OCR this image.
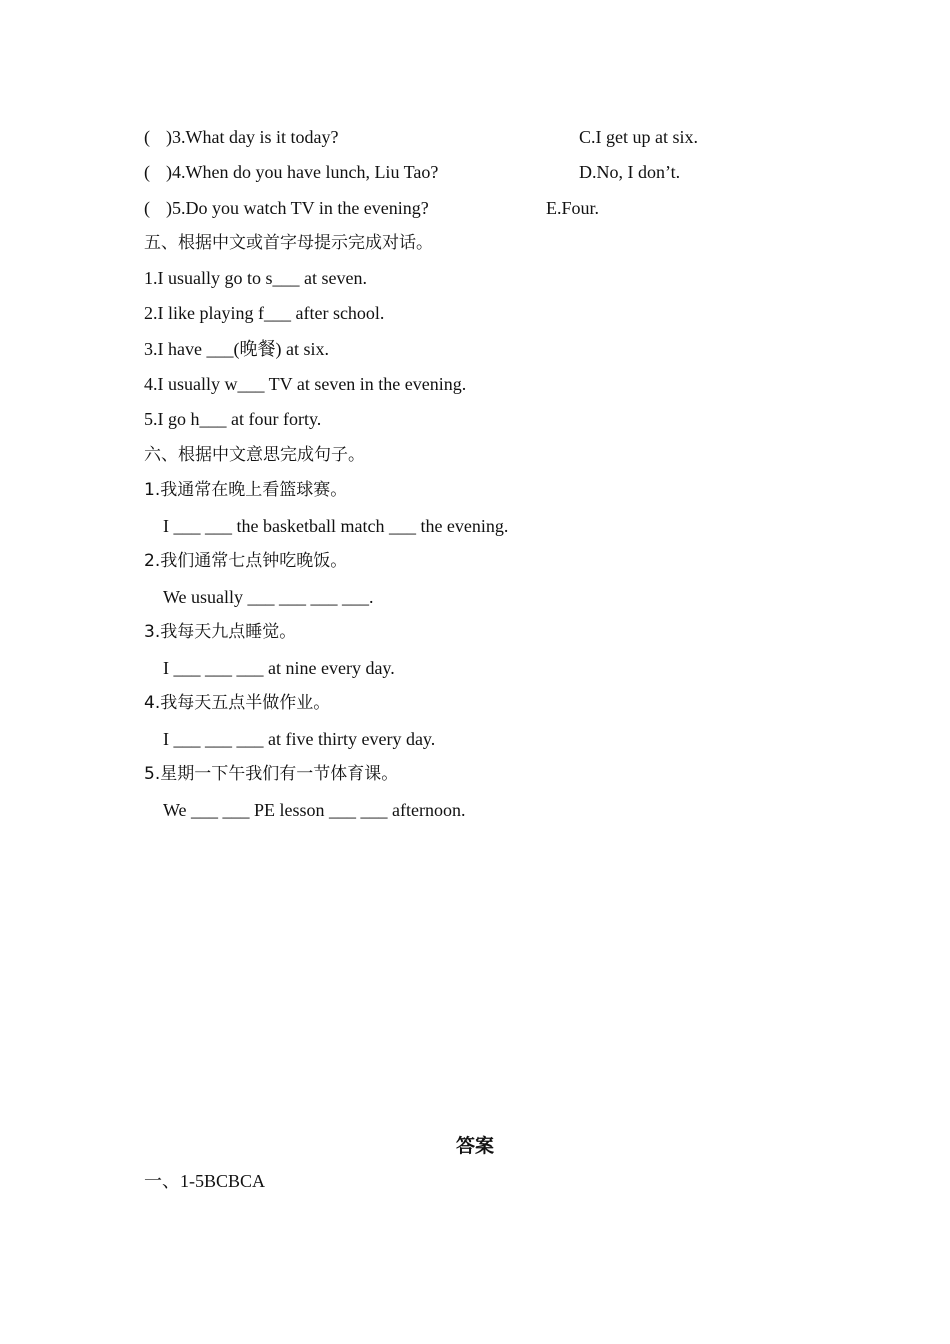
( )3.What day is it today?	C.I get up at six.
( )4.When do you have lunch, Liu Tao?	D.No, I don’t.
( )5.Do you watch TV in the evening?	E.Four.
五、根据中文或首字母提示完成对话。
1.I usually go to s___ at seven.
2.I like playing f___ after school.
3.I have ___(晚餐) at six.
4.I usually w___ TV at seven in the evening.
5.I go h___ at four forty.
六、根据中文意思完成句子。
1.我通常在晚上看篮球赛。
I ___ ___ the basketball match ___ the evening.
2.我们通常七点钟吃晚饭。
We usually ___ ___ ___ ___.
3.我每天九点睡觉。
I ___ ___ ___ at nine every day.
4.我每天五点半做作业。
I ___ ___ ___ at five thirty every day.
5.星期一下午我们有一节体育课。
We ___ ___ PE lesson ___ ___ afternoon.
答案
一、1-5BCBCA
